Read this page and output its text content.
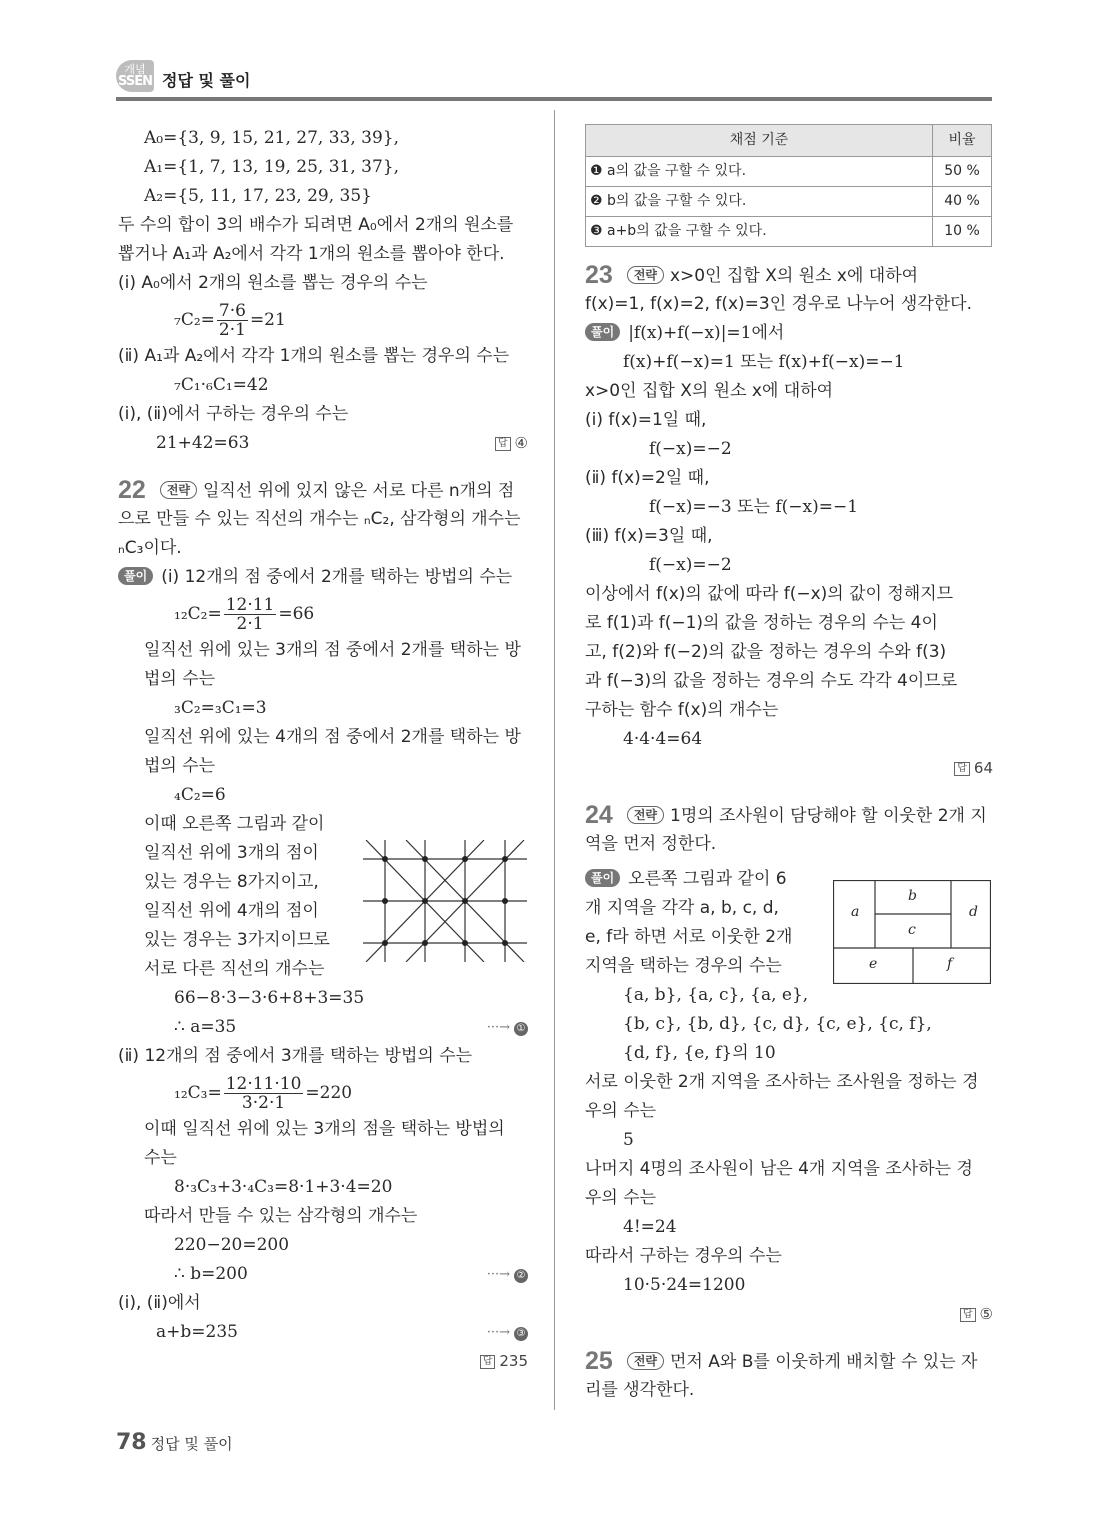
개념
SSEN 정답 및 풀이
A₀={3, 9, 15, 21, 27, 33, 39},
A₁={1, 7, 13, 19, 25, 31, 37},
A₂={5, 11, 17, 23, 29, 35}
두 수의 합이 3의 배수가 되려면 A₀에서 2개의 원소를
뽑거나 A₁과 A₂에서 각각 1개의 원소를 뽑아야 한다.
(ⅰ) A₀에서 2개의 원소를 뽑는 경우의 수는
$_7C_2= \frac{7\cdot 6}{2\cdot 1} =21$
(ⅱ) A₁과 A₂에서 각각 1개의 원소를 뽑는 경우의 수는
₇C₁·₆C₁=42
(ⅰ), (ⅱ)에서 구하는 경우의 수는
21+42=63	답 ④
22 전략 일직선 위에 있지 않은 서로 다른 n개의 점
으로 만들 수 있는 직선의 개수는 ₙC₂, 삼각형의 개수는
ₙC₃이다.
풀이 (ⅰ) 12개의 점 중에서 2개를 택하는 방법의 수는
$_{12}C_2= \frac{12\cdot 11}{2\cdot 1} =66$
일직선 위에 있는 3개의 점 중에서 2개를 택하는 방
법의 수는
₃C₂=₃C₁=3
일직선 위에 있는 4개의 점 중에서 2개를 택하는 방
법의 수는
₄C₂=6
이때 오른쪽 그림과 같이
일직선 위에 3개의 점이
있는 경우는 8가지이고,
일직선 위에 4개의 점이
있는 경우는 3가지이므로
서로 다른 직선의 개수는
66−8·3−3·6+8+3=35
∴ a=35	···→ ①
(ⅱ) 12개의 점 중에서 3개를 택하는 방법의 수는
$_{12}C_3= \frac{12\cdot 11\cdot 10}{3\cdot 2\cdot 1} =220$
이때 일직선 위에 있는 3개의 점을 택하는 방법의
수는
8·₃C₃+3·₄C₃=8·1+3·4=20
따라서 만들 수 있는 삼각형의 개수는
220−20=200
∴ b=200	···→ ②
(ⅰ), (ⅱ)에서
a+b=235	···→ ③
답 235
채점 기준	비율
❶ a의 값을 구할 수 있다.	50 %
❷ b의 값을 구할 수 있다.	40 %
❸ a+b의 값을 구할 수 있다.	10 %
23 전략 x>0인 집합 X의 원소 x에 대하여
f(x)=1, f(x)=2, f(x)=3인 경우로 나누어 생각한다.
풀이 |f(x)+f(−x)|=1에서
f(x)+f(−x)=1 또는 f(x)+f(−x)=−1
x>0인 집합 X의 원소 x에 대하여
(ⅰ) f(x)=1일 때,
f(−x)=−2
(ⅱ) f(x)=2일 때,
f(−x)=−3 또는 f(−x)=−1
(ⅲ) f(x)=3일 때,
f(−x)=−2
이상에서 f(x)의 값에 따라 f(−x)의 값이 정해지므
로 f(1)과 f(−1)의 값을 정하는 경우의 수는 4이
고, f(2)와 f(−2)의 값을 정하는 경우의 수와 f(3)
과 f(−3)의 값을 정하는 경우의 수도 각각 4이므로
구하는 함수 f(x)의 개수는
4·4·4=64
답 64
24 전략 1명의 조사원이 담당해야 할 이웃한 2개 지
역을 먼저 정한다.
풀이 오른쪽 그림과 같이 6
개 지역을 각각 a, b, c, d,
e, f라 하면 서로 이웃한 2개
지역을 택하는 경우의 수는
{a, b}, {a, c}, {a, e},
{b, c}, {b, d}, {c, d}, {c, e}, {c, f},
{d, f}, {e, f}의 10
서로 이웃한 2개 지역을 조사하는 조사원을 정하는 경
우의 수는
5
나머지 4명의 조사원이 남은 4개 지역을 조사하는 경
우의 수는
4!=24
따라서 구하는 경우의 수는
10·5·24=1200
답 ⑤
25 전략 먼저 A와 B를 이웃하게 배치할 수 있는 자
리를 생각한다.
a
b
c
d
e	f
78 정답 및 풀이
